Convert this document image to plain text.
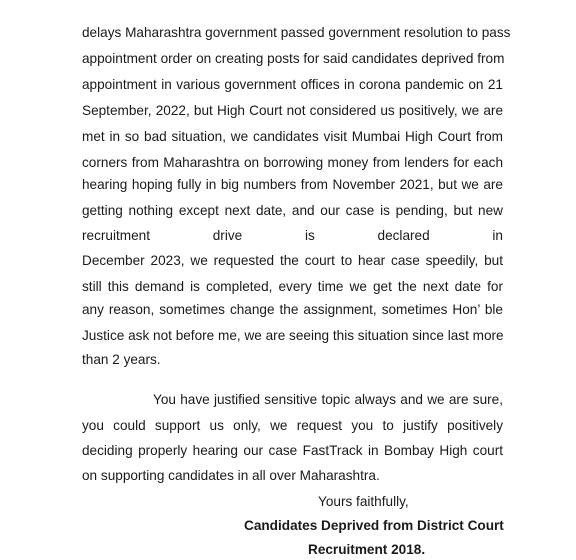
delays Maharashtra government passed government resolution to pass
appointment order on creating posts for said candidates deprived from
appointment in various government offices in corona pandemic on 21
September, 2022, but High Court not considered us positively, we are
met in so bad situation, we candidates visit Mumbai High Court from
corners from Maharashtra on borrowing money from lenders for each
hearing hoping fully in big numbers from November 2021, but we are
getting nothing except next date, and our case is pending, but new
recruitment drive is declared in
December 2023, we requested the court to hear case speedily, but
still this demand is completed, every time we get the next date for
any reason, sometimes change the assignment, sometimes Hon’ ble
Justice ask not before me, we are seeing this situation since last more
than 2 years.
You have justified sensitive topic always and we are sure,
you could support us only, we request you to justify positively
deciding properly hearing our case FastTrack in Bombay High court
on supporting candidates in all over Maharashtra.
Yours faithfully,
Candidates Deprived from District Court
Recruitment 2018.
